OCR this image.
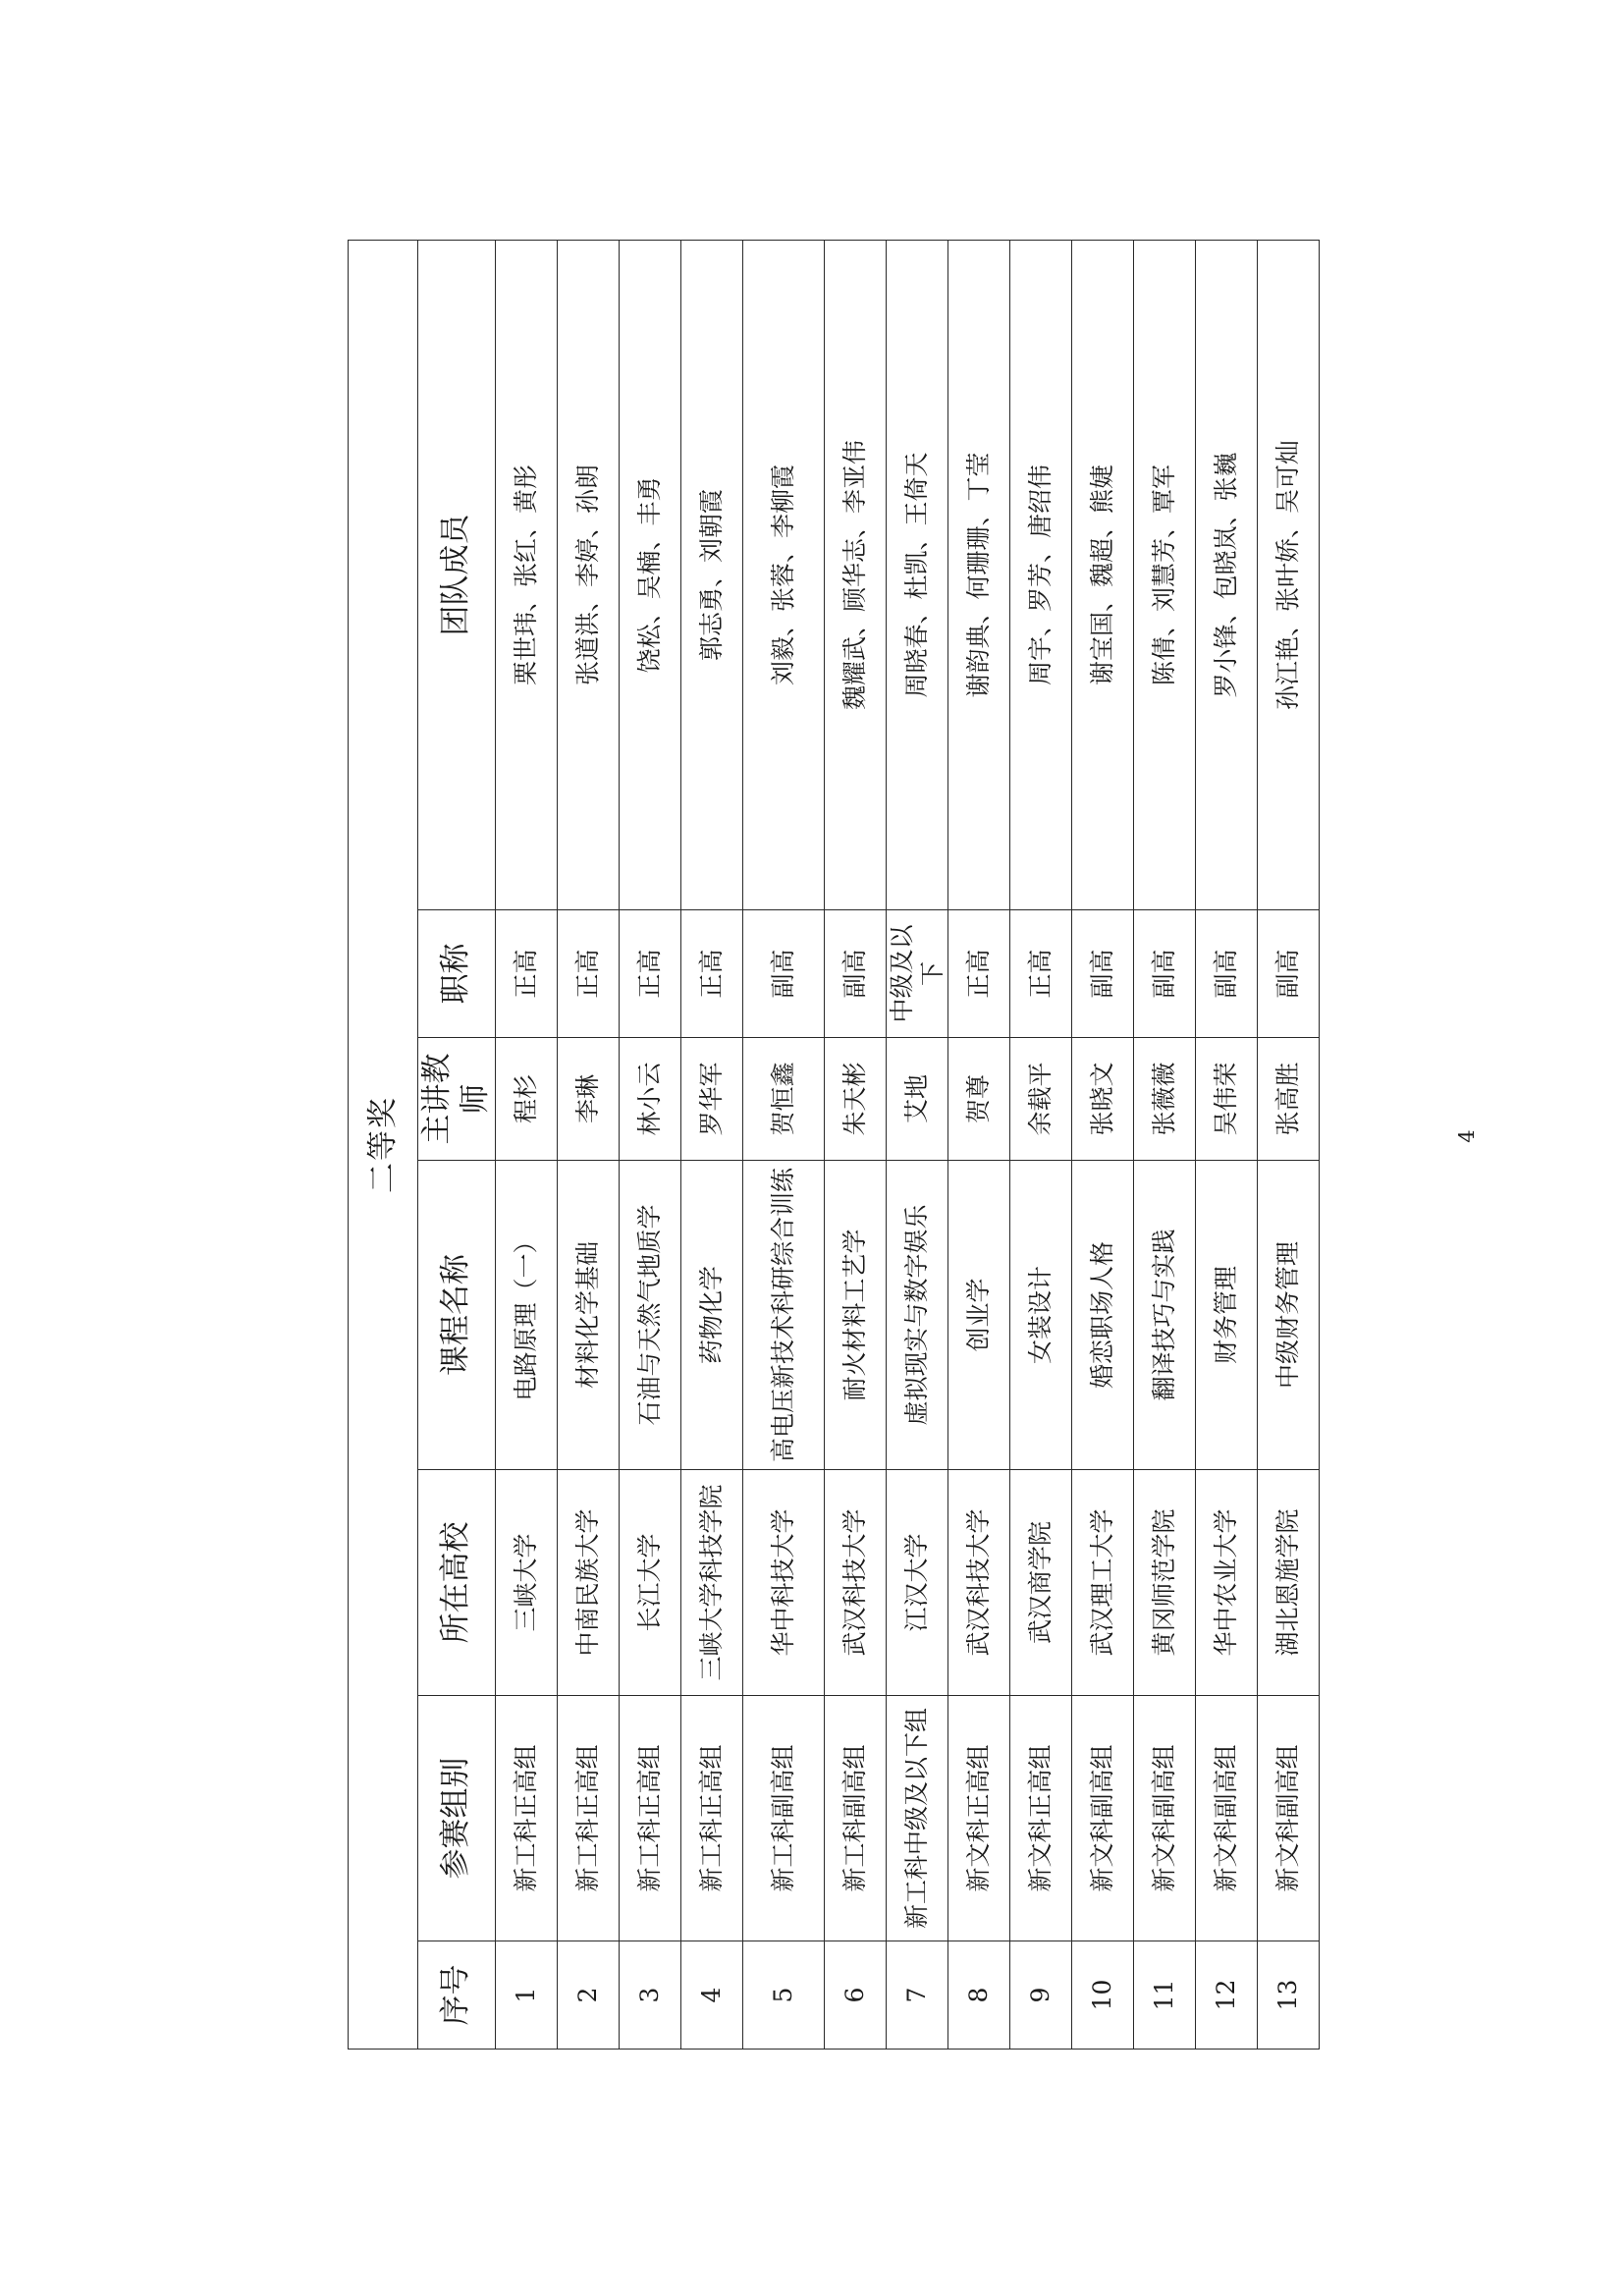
二等奖						
序号	参赛组别	所在高校	课程名称	主讲教师	职称	团队成员
1	新工科正高组	三峡大学	电路原理（一）	程杉	正高	栗世玮、张红、黄彤
2	新工科正高组	中南民族大学	材料化学基础	李琳	正高	张道洪、李婷、孙朗
3	新工科正高组	长江大学	石油与天然气地质学	林小云	正高	饶松、吴楠、丰勇
4	新工科正高组	三峡大学科技学院	药物化学	罗华军	正高	郭志勇、刘朝霞
5	新工科副高组	华中科技大学	高电压新技术科研综合训练	贺恒鑫	副高	刘毅、张蓉、李柳霞
6	新工科副高组	武汉科技大学	耐火材料工艺学	朱天彬	副高	魏耀武、顾华志、李亚伟
7	新工科中级及以下组	江汉大学	虚拟现实与数字娱乐	艾地	中级及以下	周晓春、杜凯、王倚天
8	新文科正高组	武汉科技大学	创业学	贺尊	正高	谢韵典、何珊珊、丁莹
9	新文科正高组	武汉商学院	女装设计	余载平	正高	周宇、罗芳、唐绍伟
10	新文科副高组	武汉理工大学	婚恋职场人格	张晓文	副高	谢宝国、魏超、熊婕
11	新文科副高组	黄冈师范学院	翻译技巧与实践	张薇薇	副高	陈倩、刘慧芳、覃军
12	新文科副高组	华中农业大学	财务管理	吴伟荣	副高	罗小锋、包晓岚、张巍
13	新文科副高组	湖北恩施学院	中级财务管理	张高胜	副高	孙江艳、张叶娇、吴可灿
4
